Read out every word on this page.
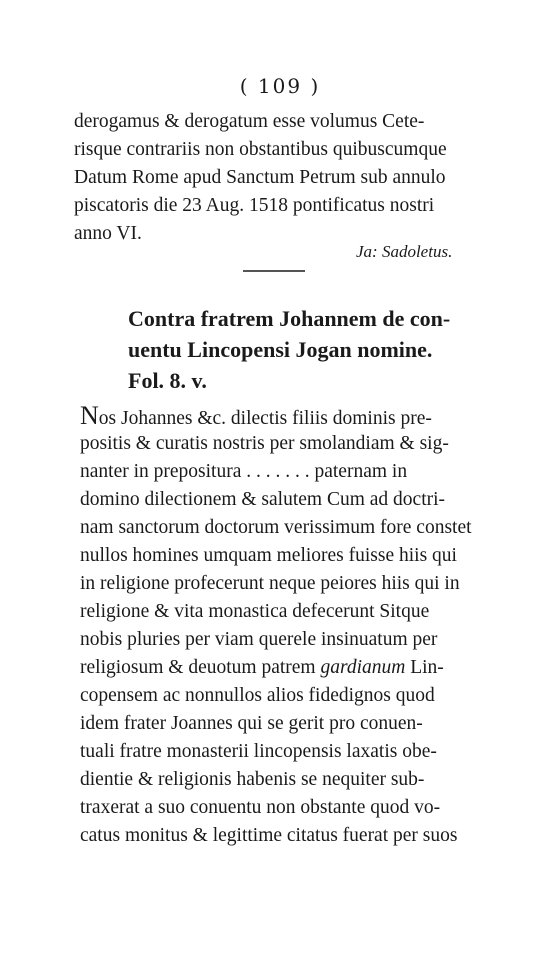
( 109 )
derogamus & derogatum esse volumus Cete-
risque contrariis non obstantibus quibuscumque
Datum Rome apud Sanctum Petrum sub annulo
piscatoris die 23 Aug. 1518 pontificatus nostri
anno VI.
Ja: Sadoletus.
Contra fratrem Johannem de con-
uentu Lincopensi Jogan nomine.
Fol. 8. v.
Nos Johannes &c. dilectis filiis dominis pre-
positis & curatis nostris per smolandiam & sig-
nanter in prepositura . . . . . . . paternam in
domino dilectionem & salutem Cum ad doctri-
nam sanctorum doctorum verissimum fore constet
nullos homines umquam meliores fuisse hiis qui
in religione profecerunt neque peiores hiis qui in
religione & vita monastica defecerunt Sitque
nobis pluries per viam querele insinuatum per
religiosum & deuotum patrem gardianum Lin-
copensem ac nonnullos alios fidedignos quod
idem frater Joannes qui se gerit pro conuen-
tuali fratre monasterii lincopensis laxatis obe-
dientie & religionis habenis se nequiter sub-
traxerat a suo conuentu non obstante quod vo-
catus monitus & legittime citatus fuerat per suos
